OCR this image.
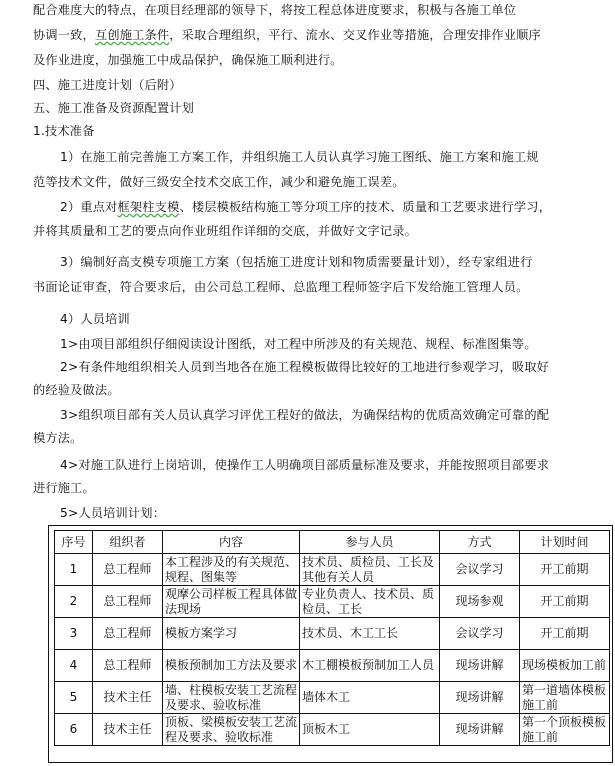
配合难度大的特点，在项目经理部的领导下，将按工程总体进度要求，积极与各施工单位
协调一致，互创施工条件，采取合理组织，平行、流水、交叉作业等措施，合理安排作业顺序
及作业进度，加强施工中成品保护，确保施工顺利进行。
四、施工进度计划（后附）
五、施工准备及资源配置计划
1.技术准备
1）在施工前完善施工方案工作，并组织施工人员认真学习施工图纸、施工方案和施工规
范等技术文件，做好三级安全技术交底工作，减少和避免施工误差。
2）重点对框架柱支模、楼层模板结构施工等分项工序的技术、质量和工艺要求进行学习，
并将其质量和工艺的要点向作业班组作详细的交底，并做好文字记录。
3）编制好高支模专项施工方案（包括施工进度计划和物质需要量计划），经专家组进行
书面论证审查，符合要求后，由公司总工程师、总监理工程师签字后下发给施工管理人员。
4）人员培训
1>由项目部组织仔细阅读设计图纸，对工程中所涉及的有关规范、规程、标准图集等。
2>有条件地组织相关人员到当地各在施工程模板做得比较好的工地进行参观学习，吸取好
的经验及做法。
3>组织项目部有关人员认真学习评优工程好的做法，为确保结构的优质高效确定可靠的配
模方法。
4>对施工队进行上岗培训，使操作工人明确项目部质量标准及要求，并能按照项目部要求
进行施工。
5>人员培训计划：
序号	组织者	内容	参与人员	方式	计划时间
1	总工程师	本工程涉及的有关规范、规程、图集等	技术员、质检员、工长及其他有关人员	会议学习	开工前期
2	总工程师	观摩公司样板工程具体做法现场	专业负责人、技术员、质检员、工长	现场参观	开工前期
3	总工程师	模板方案学习	技术员、木工工长	会议学习	开工前期
4	总工程师	模板预制加工方法及要求	木工棚模板预制加工人员	现场讲解	现场模板加工前
5	技术主任	墙、柱模板安装工艺流程及要求、验收标准	墙体木工	现场讲解	第一道墙体模板施工前
6	技术主任	顶板、梁模板安装工艺流程及要求、验收标准	顶板木工	现场讲解	第一个顶板模板施工前
